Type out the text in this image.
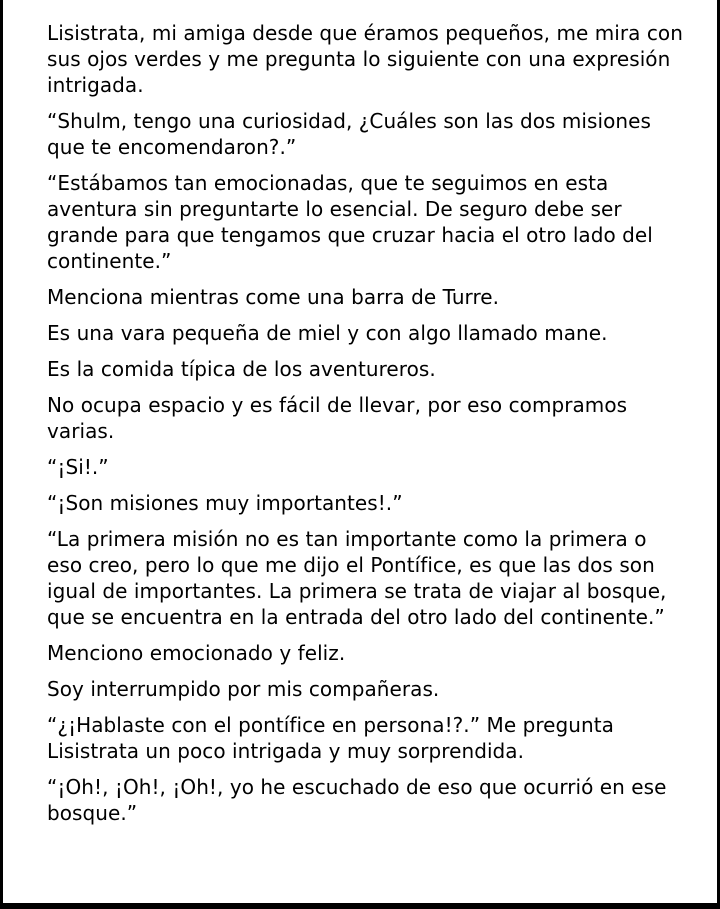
Lisistrata, mi amiga desde que éramos pequeños, me mira con sus ojos verdes y me pregunta lo siguiente con una expresión intrigada.

“Shulm, tengo una curiosidad, ¿Cuáles son las dos misiones que te encomendaron?.”

“Estábamos tan emocionadas, que te seguimos en esta aventura sin preguntarte lo esencial. De seguro debe ser grande para que tengamos que cruzar hacia el otro lado del continente.”

Menciona mientras come una barra de Turre.

Es una vara pequeña de miel y con algo llamado mane.

Es la comida típica de los aventureros.

No ocupa espacio y es fácil de llevar, por eso compramos varias.

“¡Si!.”

“¡Son misiones muy importantes!.”

“La primera misión no es tan importante como la primera o eso creo, pero lo que me dijo el Pontífice, es que las dos son igual de importantes. La primera se trata de viajar al bosque, que se encuentra en la entrada del otro lado del continente.”

Menciono emocionado y feliz.

Soy interrumpido por mis compañeras.

“¿¡Hablaste con el pontífice en persona!?.” Me pregunta Lisistrata un poco intrigada y muy sorprendida.

“¡Oh!, ¡Oh!, ¡Oh!, yo he escuchado de eso que ocurrió en ese bosque.”
